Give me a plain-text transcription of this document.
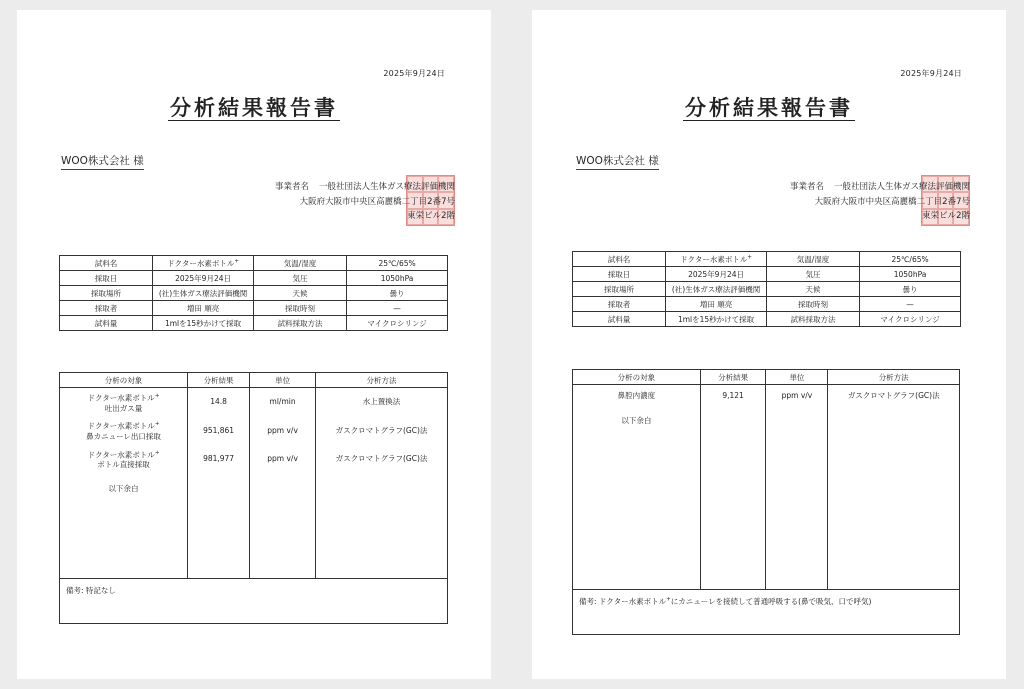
2025年9月24日
分析結果報告書
WOO株式会社 様
事業者名 一般社団法人生体ガス療法評価機関
大阪府大阪市中央区高麗橋二丁目2番7号
東栄ビル2階
試料名	ドクター水素ボトル+	気温/湿度	25℃/65%
採取日	2025年9月24日	気圧	1050hPa
採取場所	(社)生体ガス療法評価機関	天候	曇り
採取者	増田 順亮	採取時刻	—
試料量	1mlを15秒かけて採取	試料採取方法	マイクロシリンジ
分析の対象	分析結果	単位	分析方法
ドクター水素ボトル+
吐出ガス量	14.8	ml/min	水上置換法
ドクター水素ボトル+
鼻カニューレ出口採取	951,861	ppm v/v	ガスクロマトグラフ(GC)法
ドクター水素ボトル+
ボトル直接採取	981,977	ppm v/v	ガスクロマトグラフ(GC)法
以下余白			
備考: 特記なし			
2025年9月24日
分析結果報告書
WOO株式会社 様
事業者名 一般社団法人生体ガス療法評価機関
大阪府大阪市中央区高麗橋二丁目2番7号
東栄ビル2階
試料名	ドクター水素ボトル+	気温/湿度	25℃/65%
採取日	2025年9月24日	気圧	1050hPa
採取場所	(社)生体ガス療法評価機関	天候	曇り
採取者	増田 順亮	採取時刻	—
試料量	1mlを15秒かけて採取	試料採取方法	マイクロシリンジ
分析の対象	分析結果	単位	分析方法
鼻腔内濃度	9,121	ppm v/v	ガスクロマトグラフ(GC)法
以下余白			
備考: ドクター水素ボトル+にカニューレを接続して普通呼吸する(鼻で吸気、口で呼気)			
